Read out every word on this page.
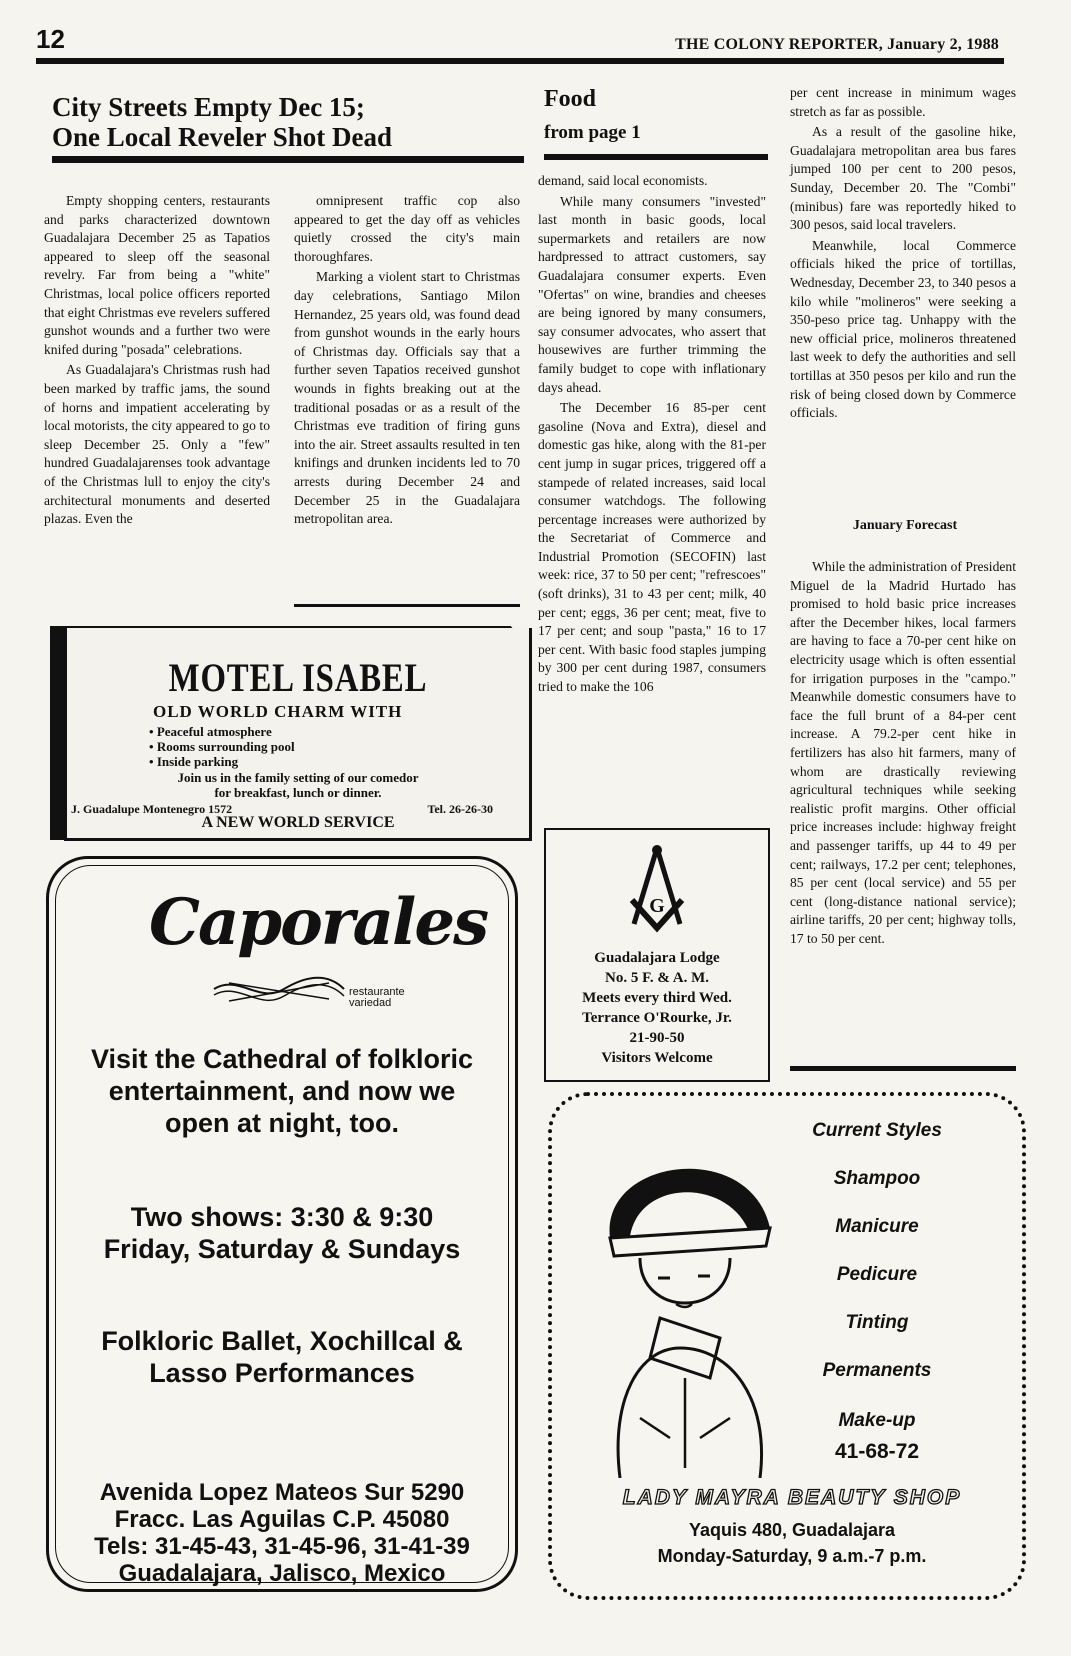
12	THE COLONY REPORTER, January 2, 1988
City Streets Empty Dec 15;
One Local Reveler Shot Dead

Empty shopping centers, restaurants and parks characterized downtown Guadalajara December 25 as Tapatios appeared to sleep off the seasonal revelry. Far from being a "white" Christmas, local police officers reported that eight Christmas eve revelers suffered gunshot wounds and a further two were knifed during "posada" celebrations.

As Guadalajara's Christmas rush had been marked by traffic jams, the sound of horns and impatient accelerating by local motorists, the city appeared to go to sleep December 25. Only a "few" hundred Guadalajarenses took advantage of the Christmas lull to enjoy the city's architectural monuments and deserted plazas. Even the

omnipresent traffic cop also appeared to get the day off as vehicles quietly crossed the city's main thoroughfares.

Marking a violent start to Christmas day celebrations, Santiago Milon Hernandez, 25 years old, was found dead from gunshot wounds in the early hours of Christmas day. Officials say that a further seven Tapatios received gunshot wounds in fights breaking out at the traditional posadas or as a result of the Christmas eve tradition of firing guns into the air. Street assaults resulted in ten knifings and drunken incidents led to 70 arrests during December 24 and December 25 in the Guadalajara metropolitan area.

MOTEL ISABEL
OLD WORLD CHARM WITH
• Peaceful atmosphere
• Rooms surrounding pool
• Inside parking
Join us in the family setting of our comedor
for breakfast, lunch or dinner.
J. Guadalupe Montenegro 1572	Tel. 26-26-30
A NEW WORLD SERVICE
Caporales
restaurante
variedad
Visit the Cathedral of folkloric
entertainment, and now we
open at night, too.
Two shows: 3:30 & 9:30
Friday, Saturday & Sundays
Folkloric Ballet, Xochillcal &
Lasso Performances
Avenida Lopez Mateos Sur 5290
Fracc. Las Aguilas C.P. 45080
Tels: 31-45-43, 31-45-96, 31-41-39
Guadalajara, Jalisco, Mexico
Food
from page 1

demand, said local economists.

While many consumers "invested" last month in basic goods, local supermarkets and retailers are now hardpressed to attract customers, say Guadalajara consumer experts. Even "Ofertas" on wine, brandies and cheeses are being ignored by many consumers, say consumer advocates, who assert that housewives are further trimming the family budget to cope with inflationary days ahead.

The December 16 85-per cent gasoline (Nova and Extra), diesel and domestic gas hike, along with the 81-per cent jump in sugar prices, triggered off a stampede of related increases, said local consumer watchdogs. The following percentage increases were authorized by the Secretariat of Commerce and Industrial Promotion (SECOFIN) last week: rice, 37 to 50 per cent; "refrescoes" (soft drinks), 31 to 43 per cent; milk, 40 per cent; eggs, 36 per cent; meat, five to 17 per cent; and soup "pasta," 16 to 17 per cent. With basic food staples jumping by 300 per cent during 1987, consumers tried to make the 106

G
Guadalajara Lodge
No. 5 F. & A. M.
Meets every third Wed.
Terrance O'Rourke, Jr.
21-90-50
Visitors Welcome

per cent increase in minimum wages stretch as far as possible.

As a result of the gasoline hike, Guadalajara metropolitan area bus fares jumped 100 per cent to 200 pesos, Sunday, December 20. The "Combi" (minibus) fare was reportedly hiked to 300 pesos, said local travelers.

Meanwhile, local Commerce officials hiked the price of tortillas, Wednesday, December 23, to 340 pesos a kilo while "molineros" were seeking a 350-peso price tag. Unhappy with the new official price, molineros threatened last week to defy the authorities and sell tortillas at 350 pesos per kilo and run the risk of being closed down by Commerce officials.

January Forecast

While the administration of President Miguel de la Madrid Hurtado has promised to hold basic price increases after the December hikes, local farmers are having to face a 70-per cent hike on electricity usage which is often essential for irrigation purposes in the "campo." Meanwhile domestic consumers have to face the full brunt of a 84-per cent increase. A 79.2-per cent hike in fertilizers has also hit farmers, many of whom are drastically reviewing agricultural techniques while seeking realistic profit margins. Other official price increases include: highway freight and passenger tariffs, up 44 to 49 per cent; railways, 17.2 per cent; telephones, 85 per cent (local service) and 55 per cent (long-distance national service); airline tariffs, 20 per cent; highway tolls, 17 to 50 per cent.

Current Styles
Shampoo
Manicure
Pedicure
Tinting
Permanents
Make-up
41-68-72
LADY MAYRA BEAUTY SHOP
Yaquis 480, Guadalajara
Monday-Saturday, 9 a.m.-7 p.m.
